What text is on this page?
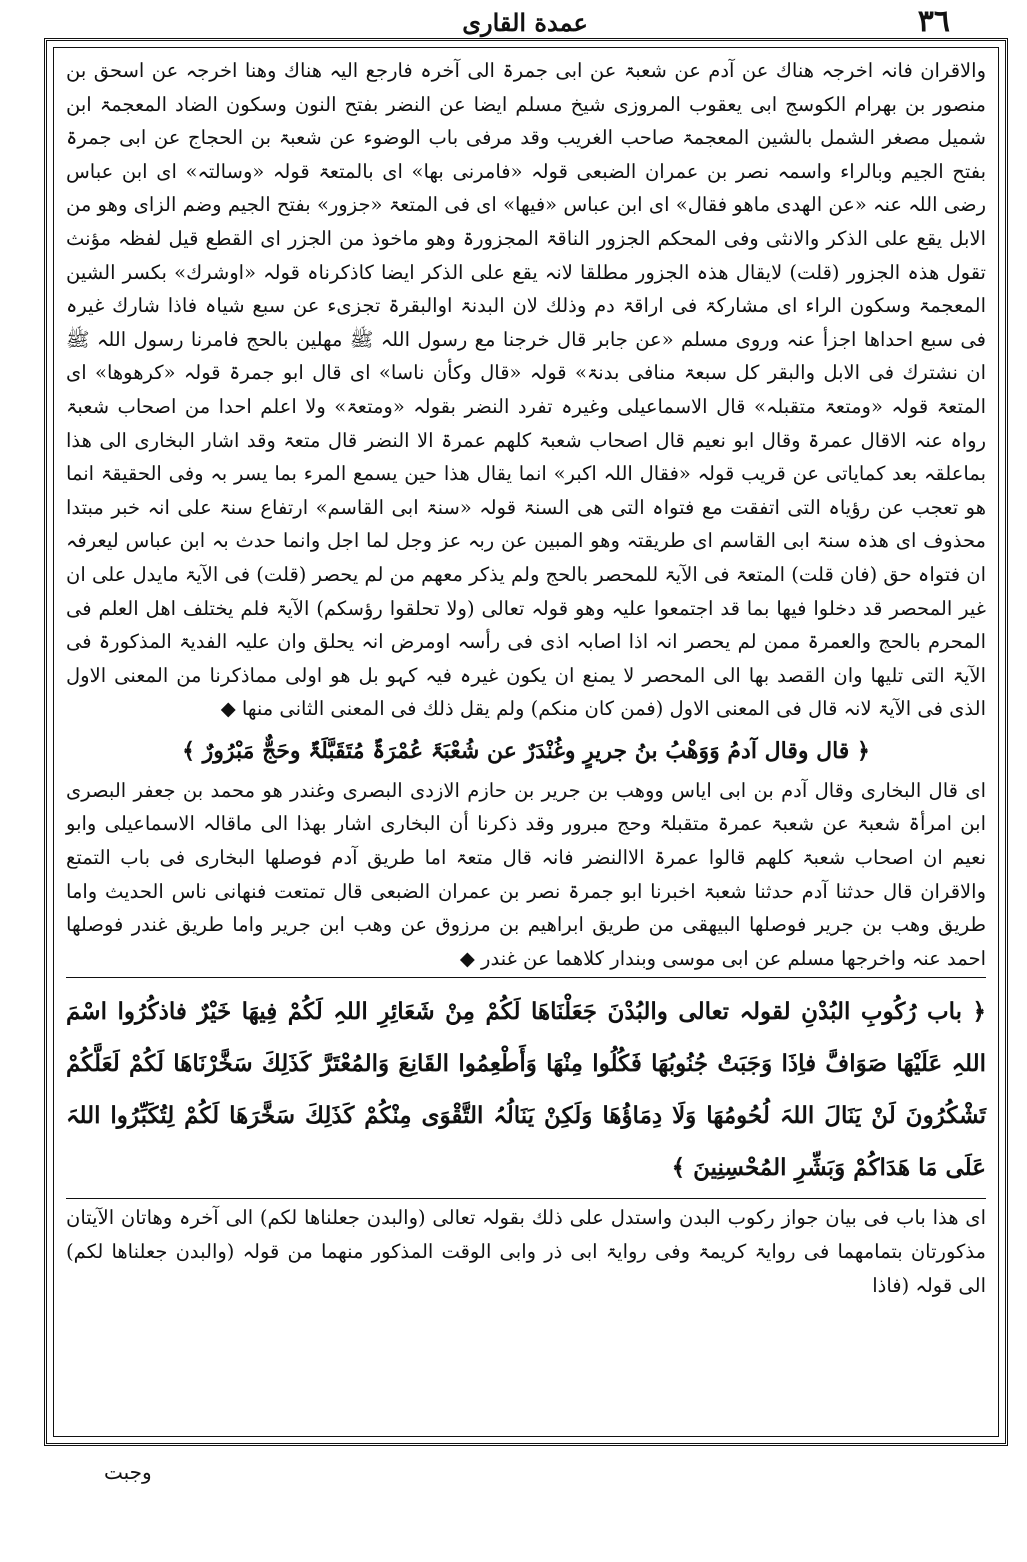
٣٦
عمدة القاری

والاقران فانہ اخرجہ ھناك عن آدم عن شعبۃ عن ابی جمرۃ الی آخرہ فارجع الیہ ھناك وھنا اخرجہ عن اسحق بن منصور بن بھرام الکوسج ابی یعقوب المروزی شیخ مسلم ایضا عن النضر بفتح النون وسکون الضاد المعجمۃ ابن شمیل مصغر الشمل بالشین المعجمۃ صاحب الغریب وقد مرفی باب الوضوء عن شعبۃ بن الحجاج عن ابی جمرۃ بفتح الجیم وبالراء واسمہ نصر بن عمران الضبعی قولہ «فامرنی بھا» ای بالمتعۃ قولہ «وسالتہ» ای ابن عباس رضی اللہ عنہ «عن الھدی ماھو فقال» ای ابن عباس «فیھا» ای فی المتعۃ «جزور» بفتح الجیم وضم الزای وھو من الابل یقع علی الذکر والانثی وفی المحکم الجزور الناقۃ المجزورۃ وھو ماخوذ من الجزر ای القطع قیل لفظہ مؤنث تقول ھذہ الجزور (قلت) لایقال ھذہ الجزور مطلقا لانہ یقع علی الذکر ایضا کاذکرناہ قولہ «اوشرك» بکسر الشین المعجمۃ وسکون الراء ای مشارکۃ فی اراقۃ دم وذلك لان البدنۃ اوالبقرۃ تجزیء عن سبع شیاہ فاذا شارك غیرہ فی سبع احداھا اجزأ عنہ وروی مسلم «عن جابر قال خرجنا مع رسول اللہ ﷺ مھلین بالحج فامرنا رسول اللہ ﷺ ان نشترك فی الابل والبقر کل سبعۃ منافی بدنۃ» قولہ «قال وکأن ناسا» ای قال ابو جمرۃ قولہ «کرھوھا» ای المتعۃ قولہ «ومتعۃ متقبلہ» قال الاسماعیلی وغیرہ تفرد النضر بقولہ «ومتعۃ» ولا اعلم احدا من اصحاب شعبۃ رواہ عنہ الاقال عمرۃ وقال ابو نعیم قال اصحاب شعبۃ کلھم عمرۃ الا النضر قال متعۃ وقد اشار البخاری الی ھذا بماعلقہ بعد کمایاتی عن قریب قولہ «فقال اللہ اکبر» انما یقال ھذا حین یسمع المرء بما یسر بہ وفی الحقیقۃ انما ھو تعجب عن رؤیاہ التی اتفقت مع فتواہ التی ھی السنۃ قولہ «سنۃ ابی القاسم» ارتفاع سنۃ علی انہ خبر مبتدا محذوف ای ھذہ سنۃ ابی القاسم ای طریقتہ وھو المبین عن ربہ عز وجل لما اجل وانما حدث بہ ابن عباس لیعرفہ ان فتواہ حق (فان قلت) المتعۃ فی الآیۃ للمحصر بالحج ولم یذکر معھم من لم یحصر (قلت) فی الآیۃ مایدل علی ان غیر المحصر قد دخلوا فیھا بما قد اجتمعوا علیہ وھو قولہ تعالی (ولا تحلقوا رؤسکم) الآیۃ فلم یختلف اھل العلم فی المحرم بالحج والعمرۃ ممن لم یحصر انہ اذا اصابہ اذی فی رأسہ اومرض انہ یحلق وان علیہ الفدیۃ المذکورۃ فی الآیۃ التی تلیھا وان القصد بھا الی المحصر لا یمنع ان یکون غیرہ فیہ کہو بل ھو اولی مماذکرنا من المعنی الاول الذی فی الآیۃ لانہ قال فی المعنی الاول (فمن کان منکم) ولم یقل ذلك فی المعنی الثانی منھا ◆

﴿ قال وقال آدمُ وَوَھْبُ بنُ جریرٍ وغُنْدَرٌ عن شُعْبَۃَ عُمْرَۃٌ مُتَقَبَّلَۃٌ وحَجٌّ مَبْرُورٌ ﴾

ای قال البخاری وقال آدم بن ابی ایاس ووھب بن جریر بن حازم الازدی البصری وغندر ھو محمد بن جعفر البصری ابن امرأۃ شعبۃ عن شعبۃ عمرۃ متقبلۃ وحج مبرور وقد ذکرنا أن البخاری اشار بھذا الی ماقالہ الاسماعیلی وابو نعیم ان اصحاب شعبۃ کلھم قالوا عمرۃ الاالنضر فانہ قال متعۃ اما طریق آدم فوصلھا البخاری فی باب التمتع والاقران قال حدثنا آدم حدثنا شعبۃ اخبرنا ابو جمرۃ نصر بن عمران الضبعی قال تمتعت فنھانی ناس الحدیث واما طریق وھب بن جریر فوصلھا البیھقی من طریق ابراھیم بن مرزوق عن وھب ابن جریر واما طریق غندر فوصلھا احمد عنہ واخرجھا مسلم عن ابی موسی وبندار کلاھما عن غندر ◆

﴿ باب رُکُوبِ البُدْنِ لقولہ تعالی والبُدْنَ جَعَلْنَاھَا لَکُمْ مِنْ شَعَائِرِ اللہِ لَکُمْ فِیھَا خَیْرٌ فاذکُرُوا اسْمَ اللہِ عَلَیْھَا صَوَافَّ فاِذَا وَجَبَتْ جُنُوبُھَا فَکُلُوا مِنْھَا وَأَطْعِمُوا القَانِعَ وَالمُعْتَرَّ کَذَلِكَ سَخَّرْنَاھَا لَکُمْ لَعَلَّکُمْ تَشْکُرُونَ لَنْ یَنَالَ اللہَ لُحُومُھَا وَلَا دِمَاؤُھَا وَلَکِنْ یَنَالُہُ التَّقْوَی مِنْکُمْ کَذَلِكَ سَخَّرَھَا لَکُمْ لِتُکَبِّرُوا اللہَ عَلَی مَا ھَدَاکُمْ وَبَشِّرِ المُحْسِنِینَ ﴾

ای ھذا باب فی بیان جواز رکوب البدن واستدل علی ذلك بقولہ تعالی (والبدن جعلناھا لکم) الی آخرہ وھاتان الآیتان مذکورتان بتمامھما فی روایۃ کریمۃ وفی روایۃ ابی ذر وابی الوقت المذکور منھما من قولہ (والبدن جعلناھا لکم) الی قولہ (فاذا

وجبت
